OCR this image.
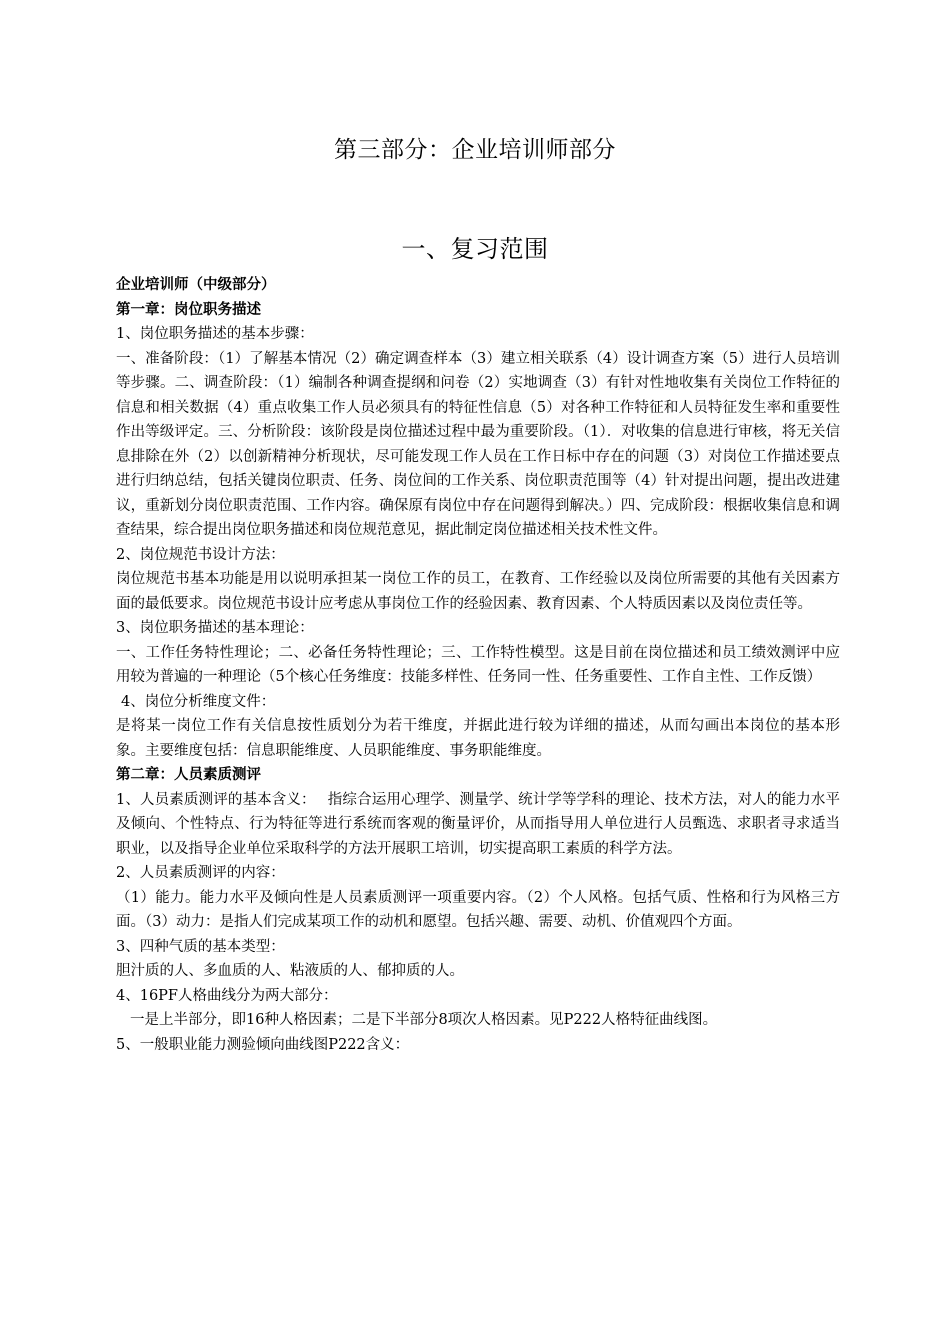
第三部分：企业培训师部分
一、复习范围

企业培训师（中级部分）

第一章：岗位职务描述

1、岗位职务描述的基本步骤：

一、准备阶段：（1）了解基本情况（2）确定调查样本（3）建立相关联系（4）设计调查方案（5）进行人员培训等步骤。二、调查阶段：（1）编制各种调查提纲和问卷（2）实地调查（3）有针对性地收集有关岗位工作特征的信息和相关数据（4）重点收集工作人员必须具有的特征性信息（5）对各种工作特征和人员特征发生率和重要性作出等级评定。三、分析阶段：该阶段是岗位描述过程中最为重要阶段。（1）．对收集的信息进行审核，将无关信息排除在外（2）以创新精神分析现状，尽可能发现工作人员在工作日标中存在的问题（3）对岗位工作描述要点进行归纳总结，包括关键岗位职责、任务、岗位间的工作关系、岗位职责范围等（4）针对提出问题，提出改进建议，重新划分岗位职责范围、工作内容。确保原有岗位中存在问题得到解决。）四、完成阶段：根据收集信息和调查结果，综合提出岗位职务描述和岗位规范意见，据此制定岗位描述相关技术性文件。

2、岗位规范书设计方法：

岗位规范书基本功能是用以说明承担某一岗位工作的员工，在教育、工作经验以及岗位所需要的其他有关因素方面的最低要求。岗位规范书设计应考虑从事岗位工作的经验因素、教育因素、个人特质因素以及岗位责任等。

3、岗位职务描述的基本理论：

一、工作任务特性理论；二、必备任务特性理论；三、工作特性模型。这是目前在岗位描述和员工绩效测评中应用较为普遍的一种理论（5个核心任务维度：技能多样性、任务同一性、任务重要性、工作自主性、工作反馈）

4、岗位分析维度文件：

是将某一岗位工作有关信息按性质划分为若干维度，并据此进行较为详细的描述，从而勾画出本岗位的基本形象。主要维度包括：信息职能维度、人员职能维度、事务职能维度。

第二章：人员素质测评

1、人员素质测评的基本含义：　 指综合运用心理学、测量学、统计学等学科的理论、技术方法，对人的能力水平及倾向、个性特点、行为特征等进行系统而客观的衡量评价，从而指导用人单位进行人员甄选、求职者寻求适当职业，以及指导企业单位采取科学的方法开展职工培训，切实提高职工素质的科学方法。

2、人员素质测评的内容：

（1）能力。能力水平及倾向性是人员素质测评一项重要内容。（2）个人风格。包括气质、性格和行为风格三方面。（3）动力：是指人们完成某项工作的动机和愿望。包括兴趣、需要、动机、价值观四个方面。

3、四种气质的基本类型：

胆汁质的人、多血质的人、粘液质的人、郁抑质的人。

4、16PF人格曲线分为两大部分：

一是上半部分，即16种人格因素；二是下半部分8项次人格因素。见P222人格特征曲线图。

5、一般职业能力测验倾向曲线图P222含义：
